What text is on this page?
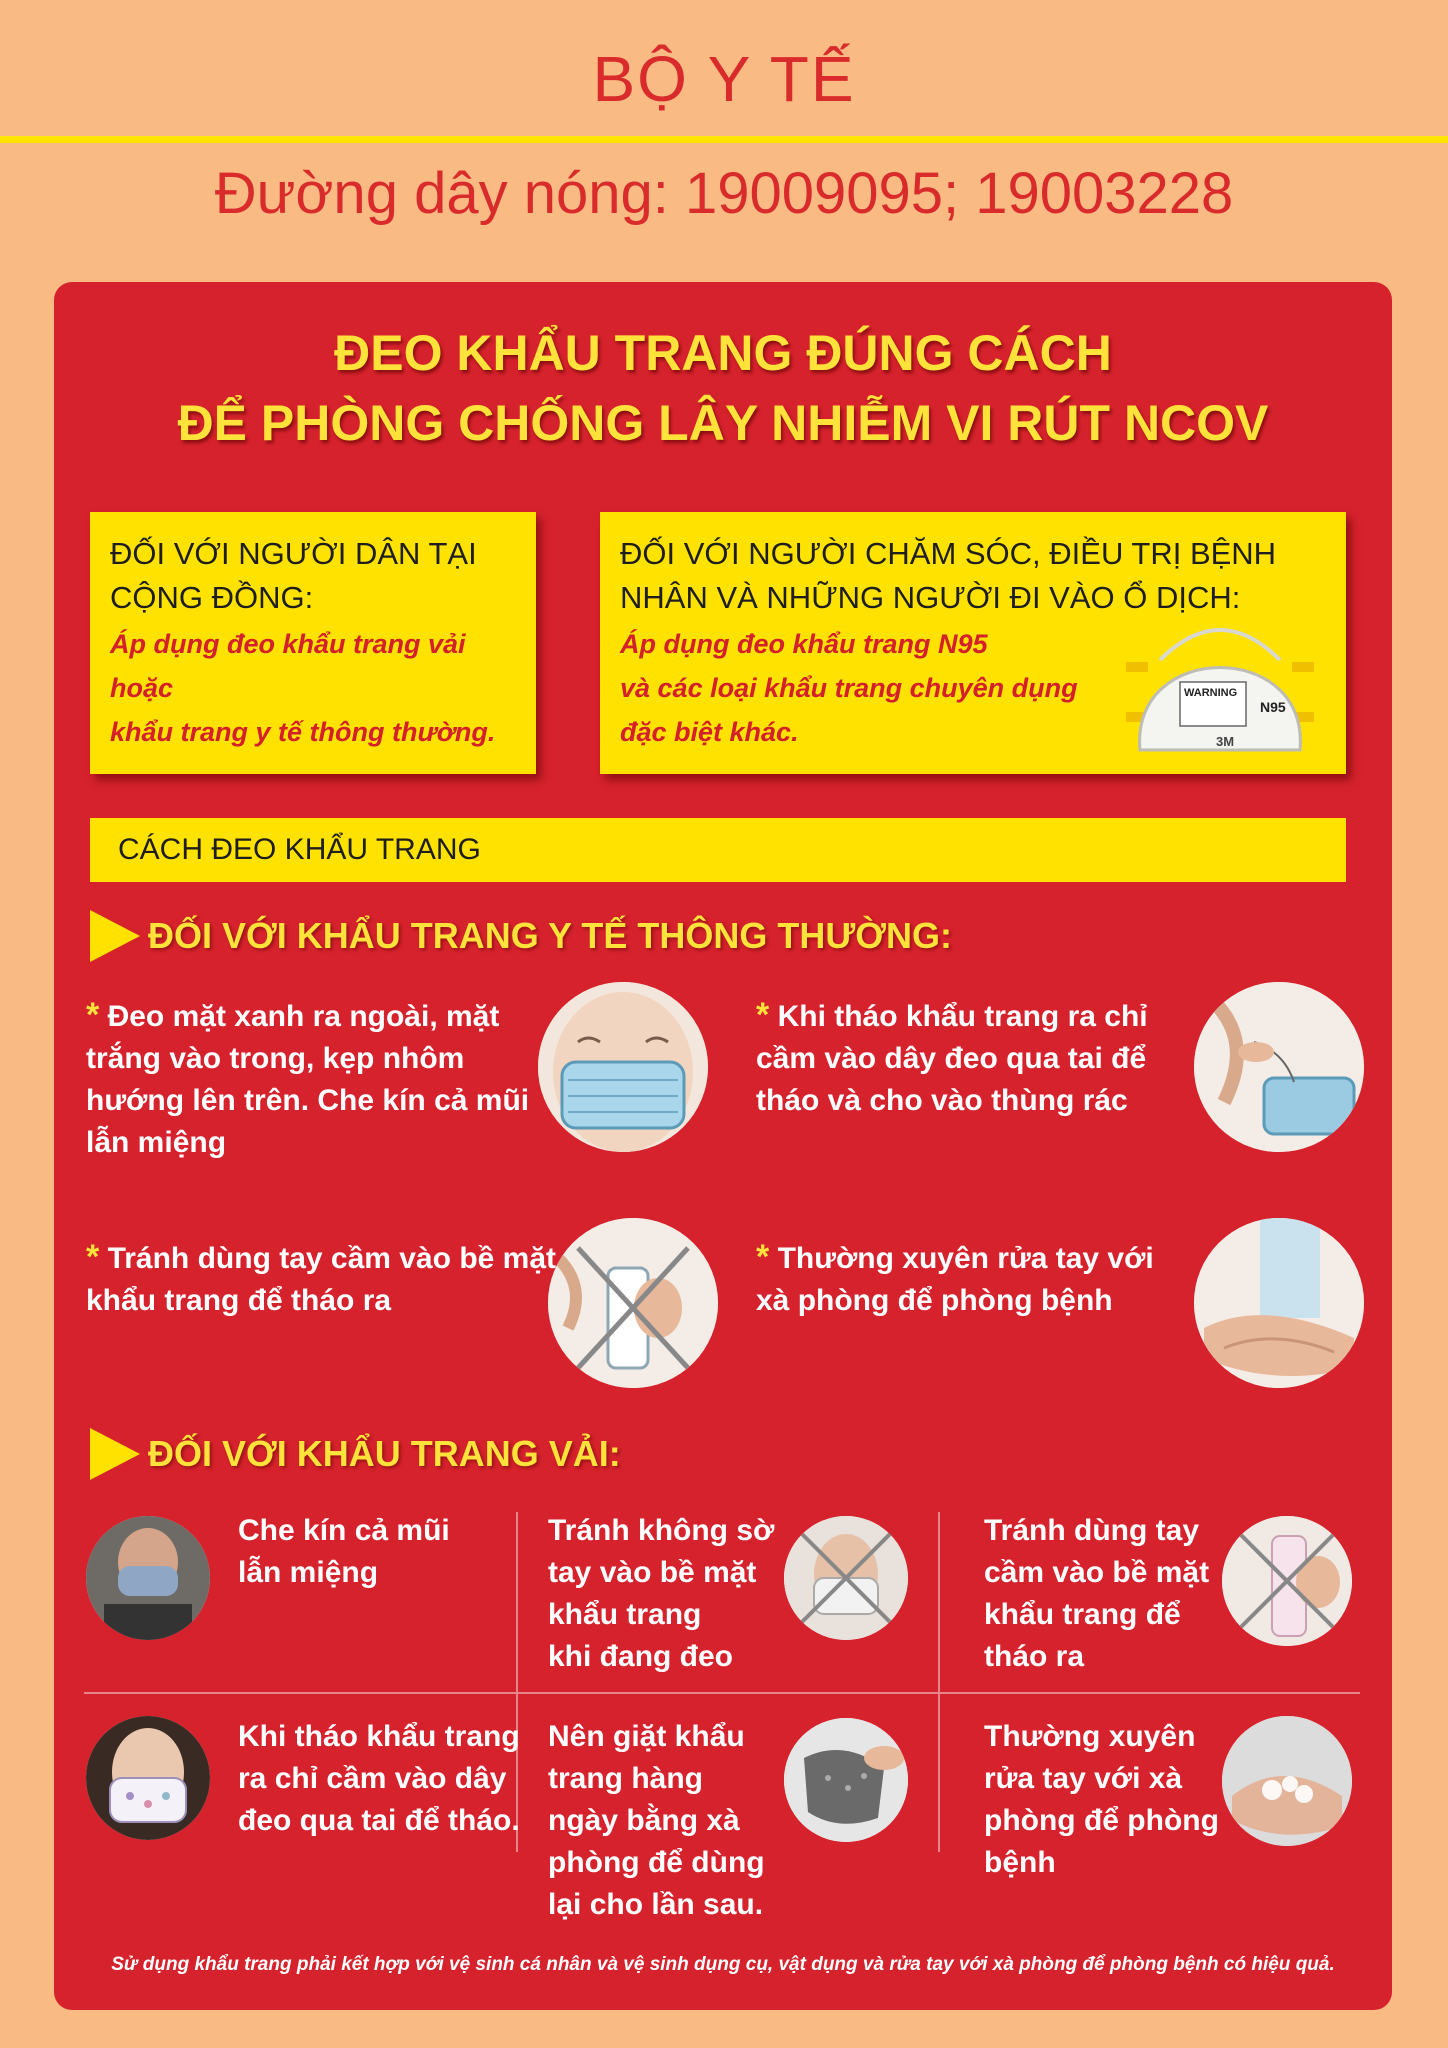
BỘ Y TẾ
Đường dây nóng: 19009095; 19003228
ĐEO KHẨU TRANG ĐÚNG CÁCH
ĐỂ PHÒNG CHỐNG LÂY NHIỄM VI RÚT NCOV
ĐỐI VỚI NGƯỜI DÂN TẠI
CỘNG ĐỒNG:
Áp dụng đeo khẩu trang vải hoặc
khẩu trang y tế thông thường.
ĐỐI VỚI NGƯỜI CHĂM SÓC, ĐIỀU TRỊ BỆNH
NHÂN VÀ NHỮNG NGƯỜI ĐI VÀO Ổ DỊCH:
Áp dụng đeo khẩu trang N95
và các loại khẩu trang chuyên dụng
đặc biệt khác.
WARNING
N95
3M
CÁCH ĐEO KHẨU TRANG
ĐỐI VỚI KHẨU TRANG Y TẾ THÔNG THƯỜNG:
* Đeo mặt xanh ra ngoài, mặt
trắng vào trong, kẹp nhôm
hướng lên trên. Che kín cả mũi
lẫn miệng
* Khi tháo khẩu trang ra chỉ
cầm vào dây đeo qua tai để
tháo và cho vào thùng rác
* Tránh dùng tay cầm vào bề mặt
khẩu trang để tháo ra
* Thường xuyên rửa tay với
xà phòng để phòng bệnh
ĐỐI VỚI KHẨU TRANG VẢI:
Che kín cả mũi
lẫn miệng
Tránh không sờ
tay vào bề mặt
khẩu trang
khi đang đeo
Tránh dùng tay
cầm vào bề mặt
khẩu trang để
tháo ra
Khi tháo khẩu trang
ra chỉ cầm vào dây
đeo qua tai để tháo.
Nên giặt khẩu
trang hàng
ngày bằng xà
phòng để dùng
lại cho lần sau.
Thường xuyên
rửa tay với xà
phòng để phòng
bệnh
Sử dụng khẩu trang phải kết hợp với vệ sinh cá nhân và vệ sinh dụng cụ, vật dụng và rửa tay với xà phòng để phòng bệnh có hiệu quả.
